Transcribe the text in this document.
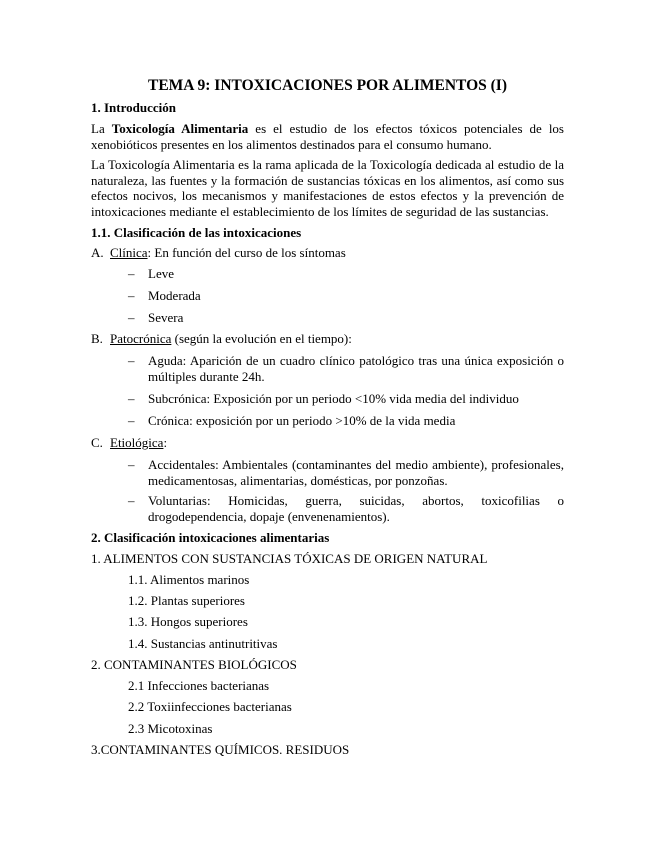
TEMA 9: INTOXICACIONES POR ALIMENTOS (I)
1. Introducción
La Toxicología Alimentaria es el estudio de los efectos tóxicos potenciales de los xenobióticos presentes en los alimentos destinados para el consumo humano.
La Toxicología Alimentaria es la rama aplicada de la Toxicología dedicada al estudio de la naturaleza, las fuentes y la formación de sustancias tóxicas en los alimentos, así como sus efectos nocivos, los mecanismos y manifestaciones de estos efectos y la prevención de intoxicaciones mediante el establecimiento de los límites de seguridad de las sustancias.
1.1. Clasificación de las intoxicaciones
A. Clínica: En función del curso de los síntomas
– Leve
– Moderada
– Severa
B. Patocrónica (según la evolución en el tiempo):
– Aguda: Aparición de un cuadro clínico patológico tras una única exposición o múltiples durante 24h.
– Subcrónica: Exposición por un periodo <10% vida media del individuo
– Crónica: exposición por un periodo >10% de la vida media
C. Etiológica:
– Accidentales: Ambientales (contaminantes del medio ambiente), profesionales, medicamentosas, alimentarias, domésticas, por ponzoñas.
– Voluntarias: Homicidas, guerra, suicidas, abortos, toxicofilias o drogodependencia, dopaje (envenenamientos).
2. Clasificación intoxicaciones alimentarias
1. ALIMENTOS CON SUSTANCIAS TÓXICAS DE ORIGEN NATURAL
1.1. Alimentos marinos
1.2. Plantas superiores
1.3. Hongos superiores
1.4. Sustancias antinutritivas
2. CONTAMINANTES BIOLÓGICOS
2.1 Infecciones bacterianas
2.2 Toxiinfecciones bacterianas
2.3 Micotoxinas
3.CONTAMINANTES QUÍMICOS. RESIDUOS
